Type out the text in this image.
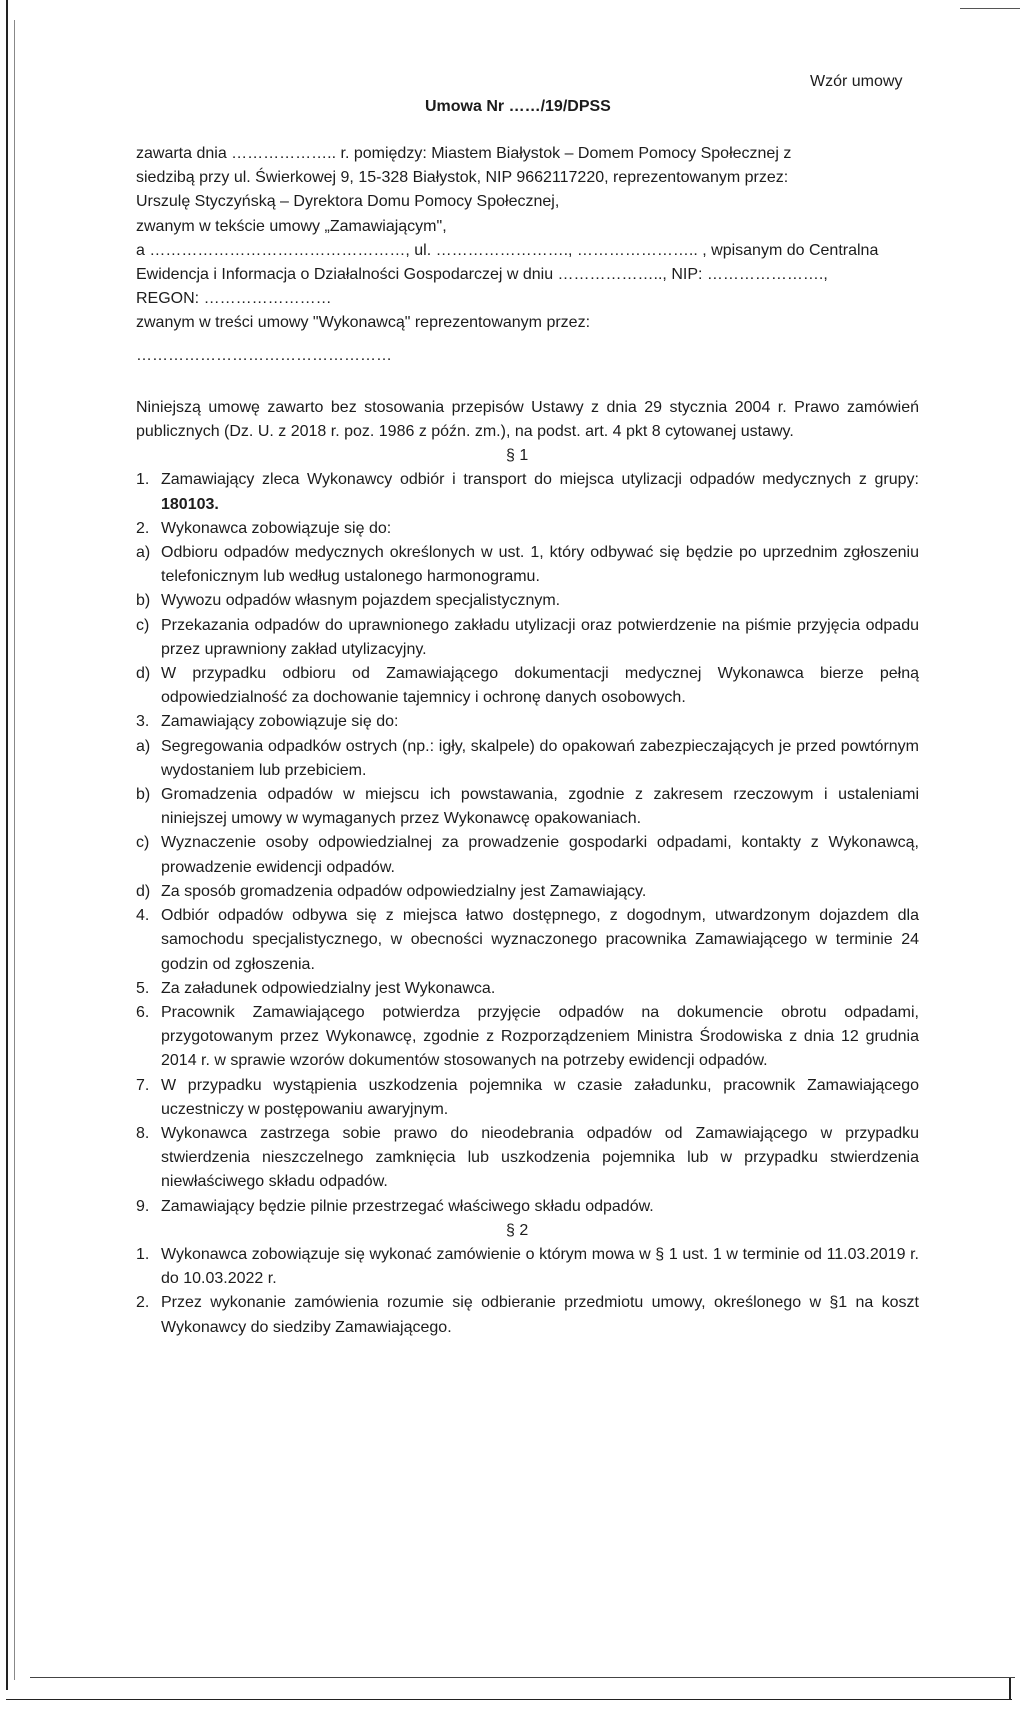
Wzór umowy
Umowa Nr ……/19/DPSS

zawarta dnia ……………….. r. pomiędzy: Miastem Białystok – Domem Pomocy Społecznej z

siedzibą przy ul. Świerkowej 9, 15-328 Białystok, NIP 9662117220, reprezentowanym przez:

Urszulę Styczyńską – Dyrektora Domu Pomocy Społecznej,

zwanym w tekście umowy „Zamawiającym",

a …………………………………………, ul. ……………………., ………………….. , wpisanym do Centralna

Ewidencja i Informacja o Działalności Gospodarczej w dniu ……………….., NIP: ………………….,

REGON: ……………………

zwanym w treści umowy "Wykonawcą" reprezentowanym przez:

…………………………………………

Niniejszą umowę zawarto bez stosowania przepisów Ustawy z dnia 29 stycznia 2004 r. Prawo zamówień publicznych (Dz. U. z 2018 r. poz. 1986 z późn. zm.), na podst. art. 4 pkt 8 cytowanej ustawy.

§ 1
1. Zamawiający zleca Wykonawcy odbiór i transport do miejsca utylizacji odpadów medycznych z grupy: 180103.
2. Wykonawca zobowiązuje się do:
a) Odbioru odpadów medycznych określonych w ust. 1, który odbywać się będzie po uprzednim zgłoszeniu telefonicznym lub według ustalonego harmonogramu.
b) Wywozu odpadów własnym pojazdem specjalistycznym.
c) Przekazania odpadów do uprawnionego zakładu utylizacji oraz potwierdzenie na piśmie przyjęcia odpadu przez uprawniony zakład utylizacyjny.
d) W przypadku odbioru od Zamawiającego dokumentacji medycznej Wykonawca bierze pełną odpowiedzialność za dochowanie tajemnicy i ochronę danych osobowych.
3. Zamawiający zobowiązuje się do:
a) Segregowania odpadków ostrych (np.: igły, skalpele) do opakowań zabezpieczających je przed powtórnym wydostaniem lub przebiciem.
b) Gromadzenia odpadów w miejscu ich powstawania, zgodnie z zakresem rzeczowym i ustaleniami niniejszej umowy w wymaganych przez Wykonawcę opakowaniach.
c) Wyznaczenie osoby odpowiedzialnej za prowadzenie gospodarki odpadami, kontakty z Wykonawcą, prowadzenie ewidencji odpadów.
d) Za sposób gromadzenia odpadów odpowiedzialny jest Zamawiający.
4. Odbiór odpadów odbywa się z miejsca łatwo dostępnego, z dogodnym, utwardzonym dojazdem dla samochodu specjalistycznego, w obecności wyznaczonego pracownika Zamawiającego w terminie 24 godzin od zgłoszenia.
5. Za załadunek odpowiedzialny jest Wykonawca.
6. Pracownik Zamawiającego potwierdza przyjęcie odpadów na dokumencie obrotu odpadami, przygotowanym przez Wykonawcę, zgodnie z Rozporządzeniem Ministra Środowiska z dnia 12 grudnia 2014 r. w sprawie wzorów dokumentów stosowanych na potrzeby ewidencji odpadów.
7. W przypadku wystąpienia uszkodzenia pojemnika w czasie załadunku, pracownik Zamawiającego uczestniczy w postępowaniu awaryjnym.
8. Wykonawca zastrzega sobie prawo do nieodebrania odpadów od Zamawiającego w przypadku stwierdzenia nieszczelnego zamknięcia lub uszkodzenia pojemnika lub w przypadku stwierdzenia niewłaściwego składu odpadów.
9. Zamawiający będzie pilnie przestrzegać właściwego składu odpadów.
§ 2
1. Wykonawca zobowiązuje się wykonać zamówienie o którym mowa w § 1 ust. 1 w terminie od 11.03.2019 r. do 10.03.2022 r.
2. Przez wykonanie zamówienia rozumie się odbieranie przedmiotu umowy, określonego w §1 na koszt Wykonawcy do siedziby Zamawiającego.
